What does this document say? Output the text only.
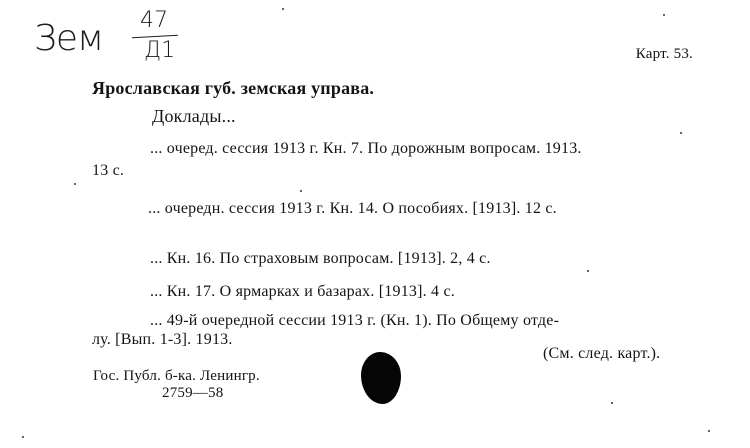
Зем 47
Д1	Карт. 53.
Ярославская губ. земская управа.
Доклады...
... очеред. сессия 1913 г. Кн. 7. По дорожным вопросам. 1913.
13 с.
... очередн. сессия 1913 г. Кн. 14. О пособиях. [1913]. 12 с.
... Кн. 16. По страховым вопросам. [1913]. 2, 4 с.
... Кн. 17. О ярмарках и базарах. [1913]. 4 с.
... 49-й очередной сессии 1913 г. (Кн. 1). По Общему отде-
лу. [Вып. 1-3]. 1913.
(См. след. карт.).
Гос. Публ. б-ка. Ленингр.
2759—58
